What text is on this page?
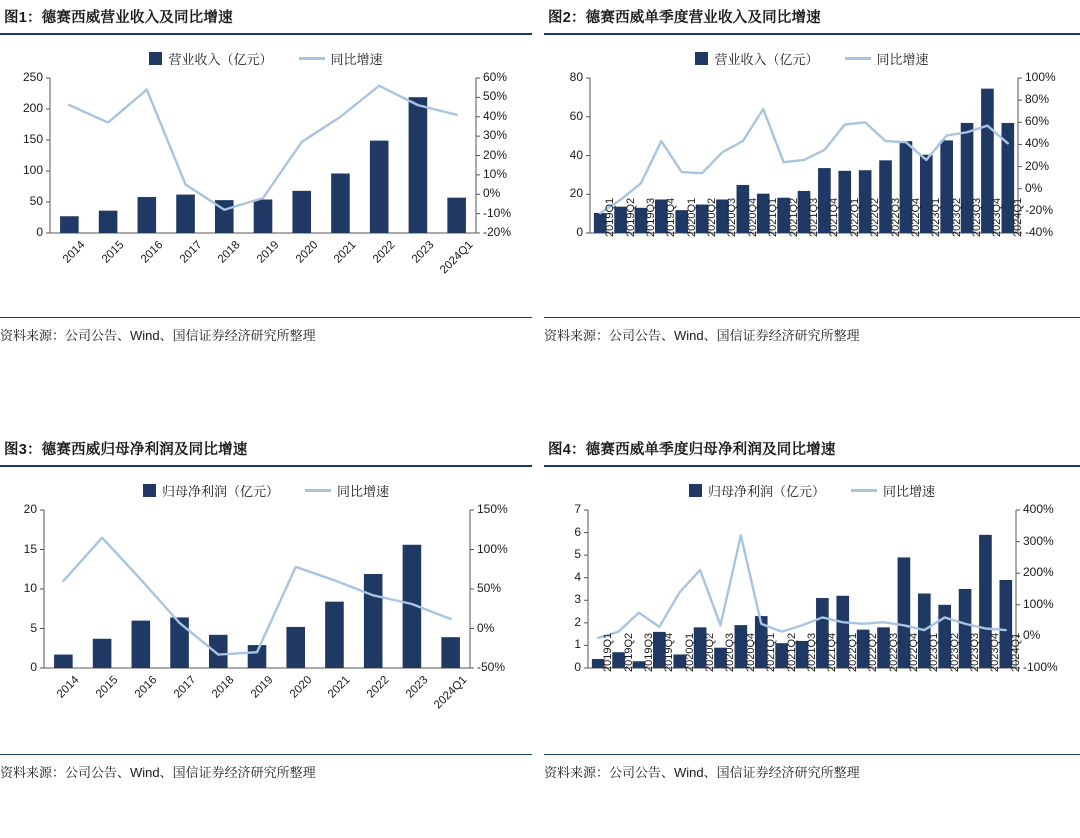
图1：德赛西威营业收入及同比增速
营业收入（亿元）	同比增速
0
50
100
150
200
250
-20%
-10%
0%
10%
20%
30%
40%
50%
60%
2014	2015	2016	2017	2018	2019	2020	2021	2022	2023 2024Q1
资料来源：公司公告、Wind、国信证券经济研究所整理
图2：德赛西威单季度营业收入及同比增速
营业收入（亿元）	同比增速
0
20
40
60
80
-40%
-20%
0%
20%
40%
60%
80%
100%
2019Q1 2019Q2 2019Q3 2019Q4 2020Q1 2020Q2 2020Q3 2020Q4 2021Q1 2021Q2 2021Q3 2021Q4 2022Q1 2022Q2 2022Q3 2022Q4 2023Q1 2023Q2 2023Q3 2023Q4 2024Q1
资料来源：公司公告、Wind、国信证券经济研究所整理
图3：德赛西威归母净利润及同比增速
归母净利润（亿元）	同比增速
0
5
10
15
20
-50%
0%
50%
100%
150%
2014	2015	2016	2017	2018	2019	2020	2021	2022	2023 2024Q1
资料来源：公司公告、Wind、国信证券经济研究所整理
图4：德赛西威单季度归母净利润及同比增速
归母净利润（亿元）	同比增速
0
1
2
3
4
5
6
7
-100%
0%
100%
200%
300%
400%
2019Q1 2019Q2 2019Q3 2019Q4 2020Q1 2020Q2 2020Q3 2020Q4 2021Q1 2021Q2 2021Q3 2021Q4 2022Q1 2022Q2 2022Q3 2022Q4 2023Q1 2023Q2 2023Q3 2023Q4 2024Q1
资料来源：公司公告、Wind、国信证券经济研究所整理
